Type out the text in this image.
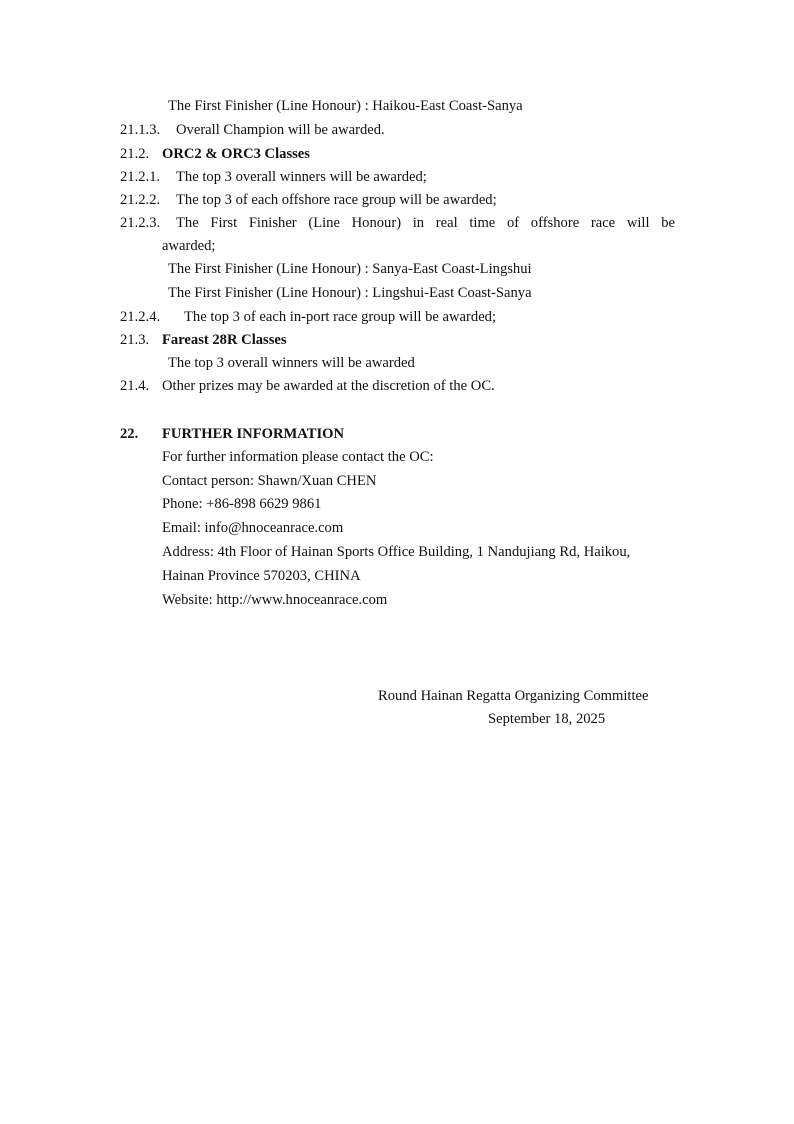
The First Finisher (Line Honour) : Haikou-East Coast-Sanya
21.1.3. Overall Champion will be awarded.
21.2. ORC2 & ORC3 Classes
21.2.1. The top 3 overall winners will be awarded;
21.2.2. The top 3 of each offshore race group will be awarded;
21.2.3. The First Finisher (Line Honour) in real time of offshore race will be
awarded;
The First Finisher (Line Honour) : Sanya-East Coast-Lingshui
The First Finisher (Line Honour) : Lingshui-East Coast-Sanya
21.2.4. The top 3 of each in-port race group will be awarded;
21.3. Fareast 28R Classes
The top 3 overall winners will be awarded
21.4. Other prizes may be awarded at the discretion of the OC.
22. FURTHER INFORMATION
For further information please contact the OC:
Contact person: Shawn/Xuan CHEN
Phone: +86-898 6629 9861
Email: info@hnoceanrace.com
Address: 4th Floor of Hainan Sports Office Building, 1 Nandujiang Rd, Haikou,
Hainan Province 570203, CHINA
Website: http://www.hnoceanrace.com
Round Hainan Regatta Organizing Committee
September 18, 2025
